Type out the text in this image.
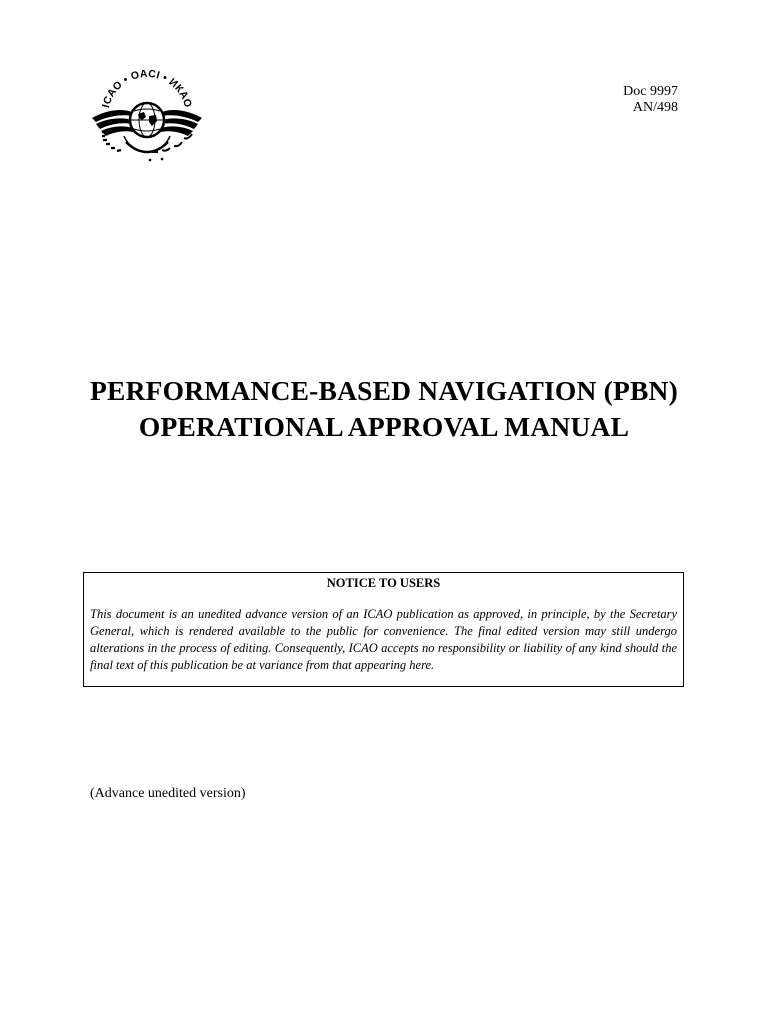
ICAO • OACI • ИКАО
Doc 9997
AN/498
PERFORMANCE-BASED NAVIGATION (PBN)
OPERATIONAL APPROVAL MANUAL
NOTICE TO USERS
This document is an unedited advance version of an ICAO publication as approved, in principle, by the Secretary General, which is rendered available to the public for convenience. The final edited version may still undergo alterations in the process of editing. Consequently, ICAO accepts no responsibility or liability of any kind should the final text of this publication be at variance from that appearing here.
(Advance unedited version)
